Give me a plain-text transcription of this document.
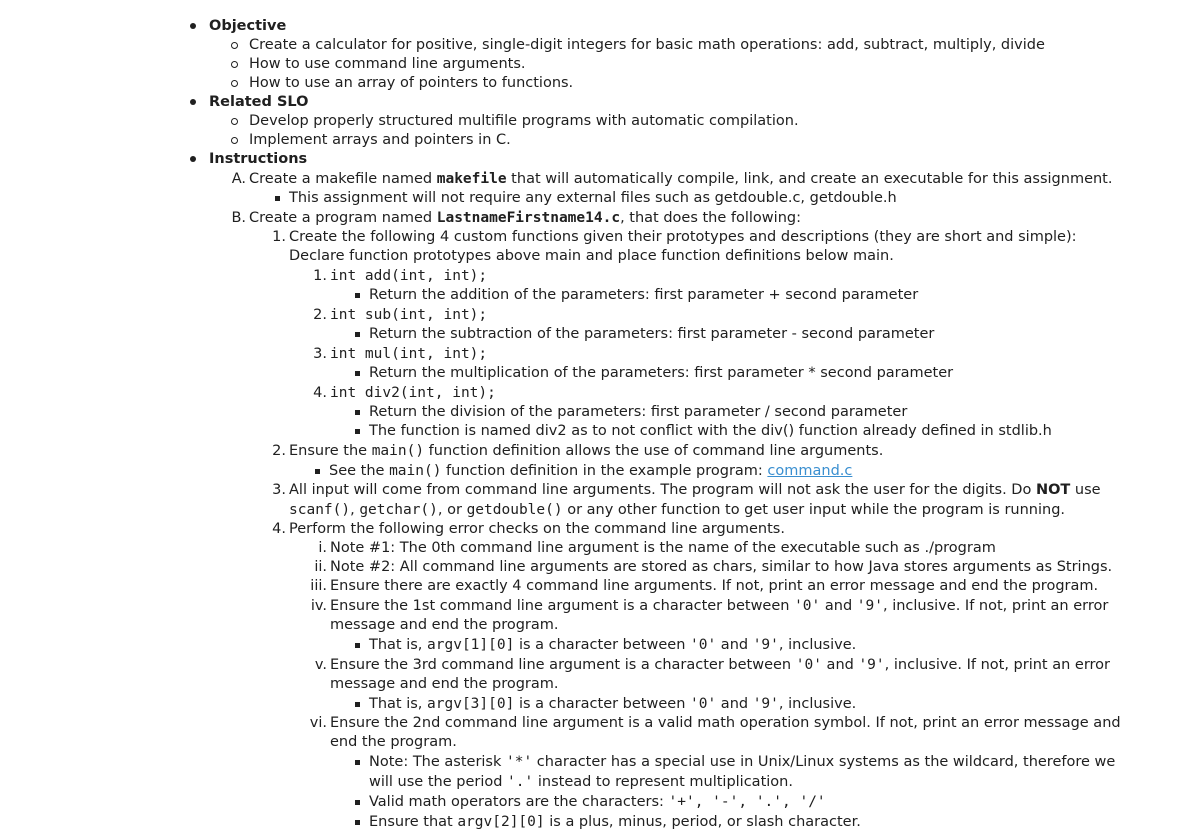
Objective
Create a calculator for positive, single-digit integers for basic math operations: add, subtract, multiply, divide
How to use command line arguments.
How to use an array of pointers to functions.
Related SLO
Develop properly structured multifile programs with automatic compilation.
Implement arrays and pointers in C.
Instructions
A. Create a makefile named makefile that will automatically compile, link, and create an executable for this assignment.
This assignment will not require any external files such as getdouble.c, getdouble.h
B. Create a program named LastnameFirstname14.c, that does the following:
1. Create the following 4 custom functions given their prototypes and descriptions (they are short and simple):
Declare function prototypes above main and place function definitions below main.
1. int add(int, int);
Return the addition of the parameters: first parameter + second parameter
2. int sub(int, int);
Return the subtraction of the parameters: first parameter - second parameter
3. int mul(int, int);
Return the multiplication of the parameters: first parameter * second parameter
4. int div2(int, int);
Return the division of the parameters: first parameter / second parameter
The function is named div2 as to not conflict with the div() function already defined in stdlib.h
2. Ensure the main() function definition allows the use of command line arguments.
See the main() function definition in the example program: command.c
3. All input will come from command line arguments. The program will not ask the user for the digits. Do NOT use
scanf(), getchar(), or getdouble() or any other function to get user input while the program is running.
4. Perform the following error checks on the command line arguments.
i. Note #1: The 0th command line argument is the name of the executable such as ./program
ii. Note #2: All command line arguments are stored as chars, similar to how Java stores arguments as Strings.
iii. Ensure there are exactly 4 command line arguments. If not, print an error message and end the program.
iv. Ensure the 1st command line argument is a character between '0' and '9', inclusive. If not, print an error
message and end the program.
That is, argv[1][0] is a character between '0' and '9', inclusive.
v. Ensure the 3rd command line argument is a character between '0' and '9', inclusive. If not, print an error
message and end the program.
That is, argv[3][0] is a character between '0' and '9', inclusive.
vi. Ensure the 2nd command line argument is a valid math operation symbol. If not, print an error message and
end the program.
Note: The asterisk '*' character has a special use in Unix/Linux systems as the wildcard, therefore we
will use the period '.' instead to represent multiplication.
Valid math operators are the characters: '+', '-', '.', '/'
Ensure that argv[2][0] is a plus, minus, period, or slash character.
